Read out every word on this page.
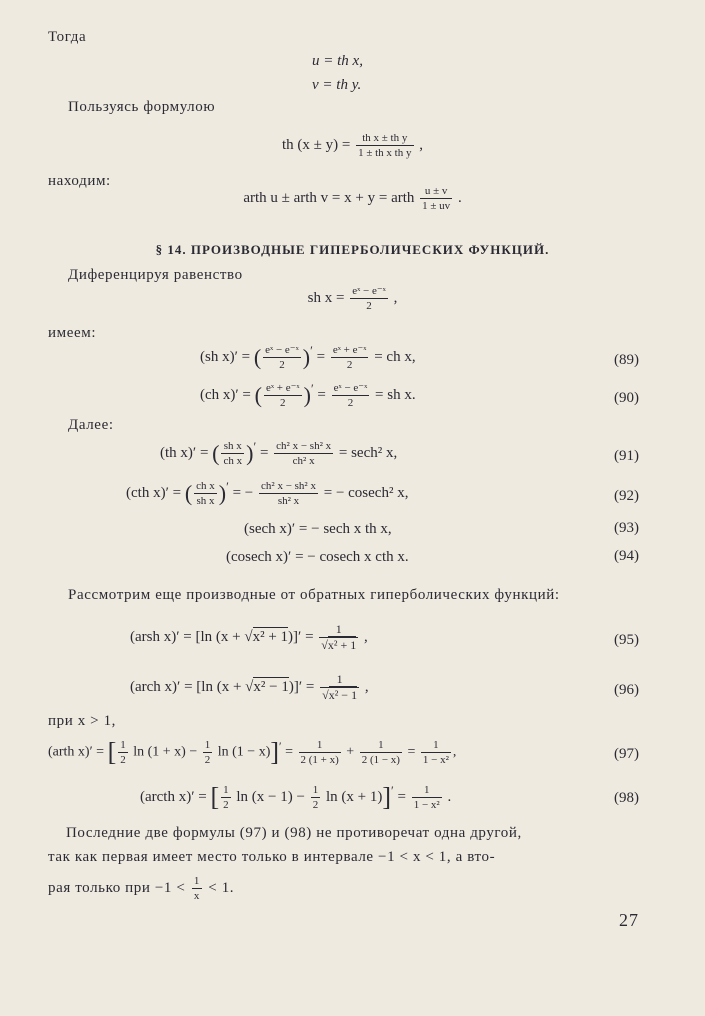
Тогда
u = th x,
v = th y.
Пользуясь формулою
th $(x \pm y) = \frac{\text{th x ± th y}}{\text{1 ± th x th y}}$ ,
находим:
arth u ± arth v = x + y = arth $\frac{u \pm v}{1 \pm uv}$ .
§ 14. ПРОИЗВОДНЫЕ ГИПЕРБОЛИЧЕСКИХ ФУНКЦИЙ.
Диференцируя равенство
sh $x = \frac{\text{eˣ − e⁻ˣ}}{2}$ ,
имеем:
(sh x)′ = ( $\frac{\text{eˣ − e⁻ˣ}}{2} )' = \frac{\text{eˣ + e⁻ˣ}}{2}$ = ch x,	(89)
(ch x)′ = ( $\frac{\text{eˣ + e⁻ˣ}}{2} )' = \frac{\text{eˣ − e⁻ˣ}}{2}$ = sh x.	(90)
Далее:
(th x)′ = ( $\frac{\text{sh x}}{\text{ch x}} )' = \frac{\text{ch² x − sh² x}}{\text{ch² x}} = \sec h^2$ x,	(91)
(cth x)′ = ( $\frac{\text{ch x}}{\text{sh x}} )'$ = − $\frac{\text{ch² x − sh² x}}{\text{sh² x}}$ = − cosech² x,	(92)
(sech x)′ = − sech x th x,	(93)
(cosech x)′ = − cosech x cth x.	(94)
Рассмотрим еще производные от обратных гиперболических функций:
(arsh x)′ = [ln $(x + √x^2 + 1)]' = \frac{1}{\text{√x² + 1}}$ ,	(95)
(arch x)′ = [ln $(x + √x^2 - 1)]' = \frac{1}{\text{√x² − 1}}$ ,	(96)
при x > 1,
(arth x)′ = [ $\frac{1}{2}$ $\ln (1 + x) - \frac{1}{2}$ $\ln (1 - x)]' = \frac{1}{2 (1 + x)} + \frac{1}{2 (1 - x)} = \frac{1}{\text{1 − x²}}$ ,	(97)
(arcth x)′ = [ $\frac{1}{2}$ $\ln (x - 1) - \frac{1}{2}$ $\ln (x + 1)]' = \frac{1}{\text{1 − x²}}$ .	(98)
Последние две формулы (97) и (98) не противоречат одна другой,
так как первая имеет место только в интервале −1 < x < 1, а вто-
рая только при $-1 < \frac{1}{x} < 1$.
27
